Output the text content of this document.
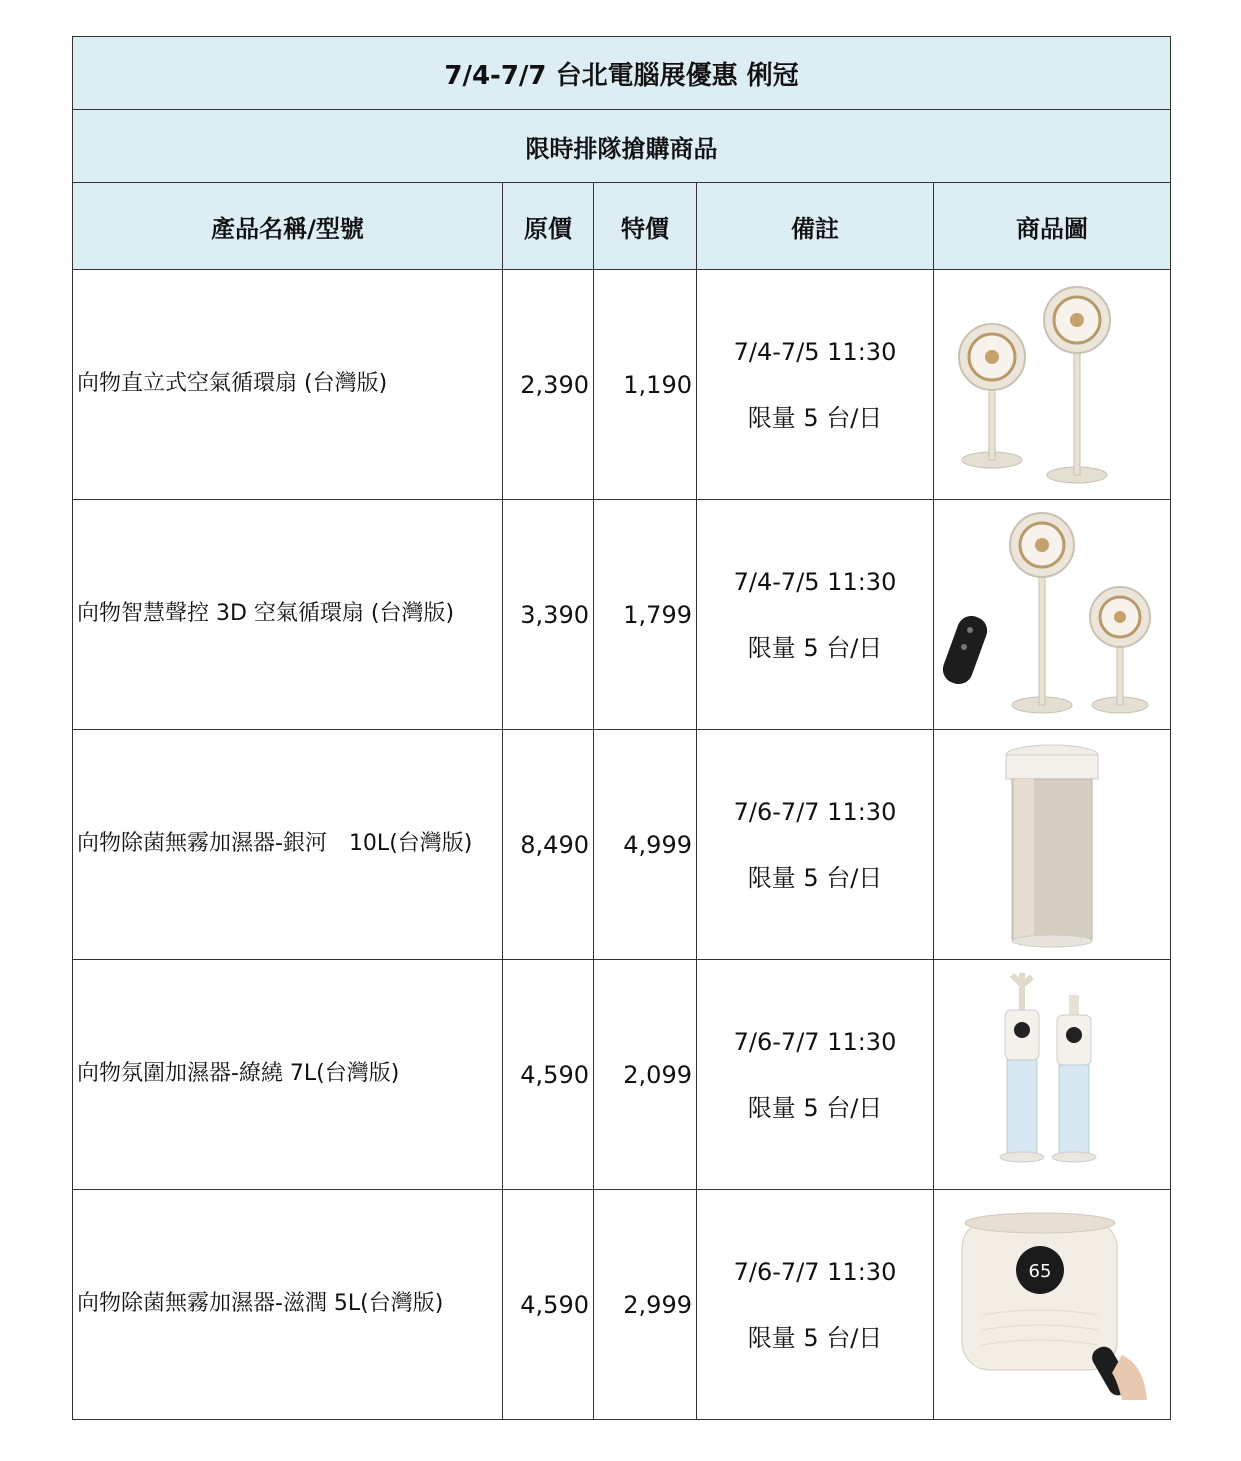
7/4-7/7 台北電腦展優惠 俐冠				
限時排隊搶購商品				
產品名稱/型號	原價	特價	備註	商品圖
向物直立式空氣循環扇 (台灣版)	2,390	1,190	7/4-7/5 11:30
限量 5 台/日

向物智慧聲控 3D 空氣循環扇 (台灣版)	3,390	1,799	7/4-7/5 11:30
限量 5 台/日

向物除菌無霧加濕器-銀河　10L(台灣版)	8,490	4,999	7/6-7/7 11:30
限量 5 台/日

向物氛圍加濕器-繚繞 7L(台灣版)	4,590	2,099	7/6-7/7 11:30
限量 5 台/日

向物除菌無霧加濕器-滋潤 5L(台灣版)	4,590	2,999	7/6-7/7 11:30
限量 5 台/日	65
